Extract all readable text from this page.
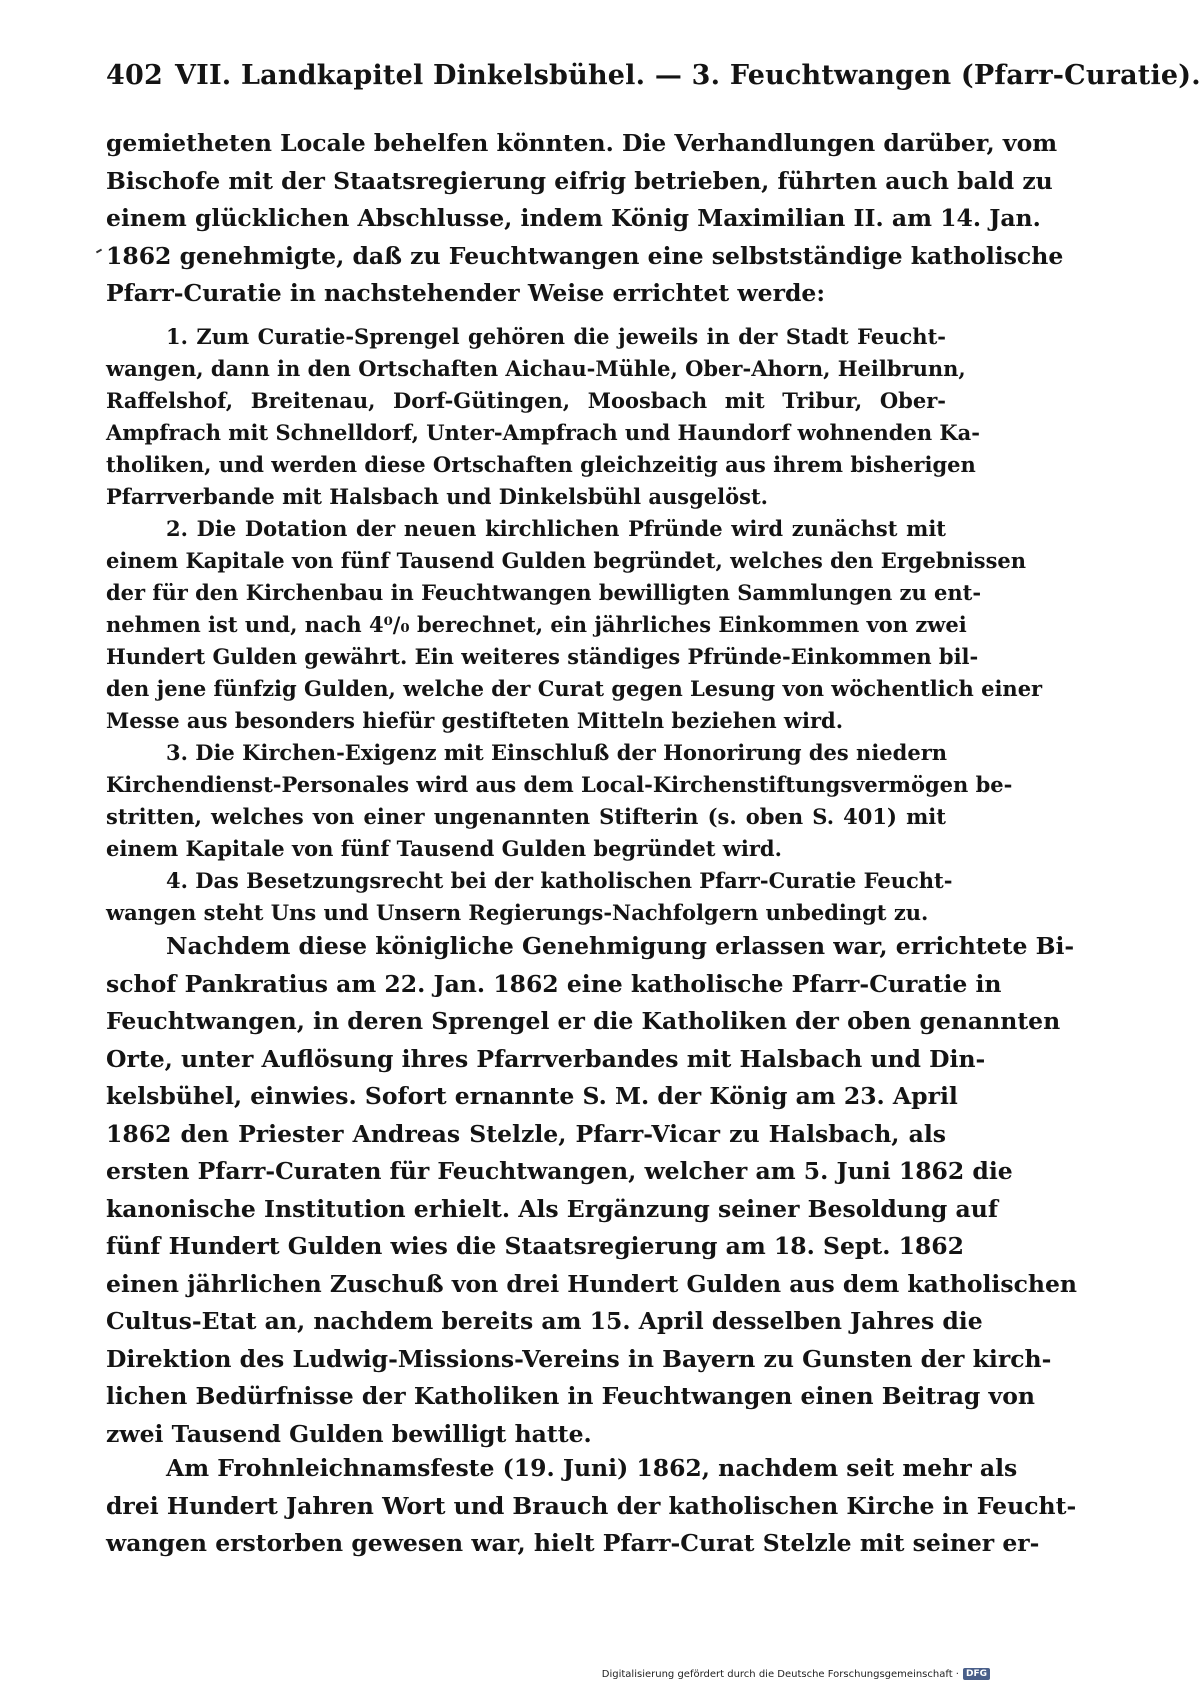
402 VII. Landkapitel Dinkelsbühel. — 3. Feuchtwangen (Pfarr-Curatie).
gemietheten Locale behelfen könnten. Die Verhandlungen darüber, vom
Bischofe mit der Staatsregierung eifrig betrieben, führten auch bald zu
einem glücklichen Abschlusse, indem König Maximilian II. am 14. Jan.
1862 genehmigte, daß zu Feuchtwangen eine selbstständige katholische
Pfarr-Curatie in nachstehender Weise errichtet werde:
1. Zum Curatie-Sprengel gehören die jeweils in der Stadt Feucht-
wangen, dann in den Ortschaften Aichau-Mühle, Ober-Ahorn, Heilbrunn,
Raffelshof, Breitenau, Dorf-Gütingen, Moosbach mit Tribur, Ober-
Ampfrach mit Schnelldorf, Unter-Ampfrach und Haundorf wohnenden Ka-
tholiken, und werden diese Ortschaften gleichzeitig aus ihrem bisherigen
Pfarrverbande mit Halsbach und Dinkelsbühl ausgelöst.
2. Die Dotation der neuen kirchlichen Pfründe wird zunächst mit
einem Kapitale von fünf Tausend Gulden begründet, welches den Ergebnissen
der für den Kirchenbau in Feuchtwangen bewilligten Sammlungen zu ent-
nehmen ist und, nach 4⁰/₀ berechnet, ein jährliches Einkommen von zwei
Hundert Gulden gewährt. Ein weiteres ständiges Pfründe-Einkommen bil-
den jene fünfzig Gulden, welche der Curat gegen Lesung von wöchentlich einer
Messe aus besonders hiefür gestifteten Mitteln beziehen wird.
3. Die Kirchen-Exigenz mit Einschluß der Honorirung des niedern
Kirchendienst-Personales wird aus dem Local-Kirchenstiftungsvermögen be-
stritten, welches von einer ungenannten Stifterin (s. oben S. 401) mit
einem Kapitale von fünf Tausend Gulden begründet wird.
4. Das Besetzungsrecht bei der katholischen Pfarr-Curatie Feucht-
wangen steht Uns und Unsern Regierungs-Nachfolgern unbedingt zu.
Nachdem diese königliche Genehmigung erlassen war, errichtete Bi-
schof Pankratius am 22. Jan. 1862 eine katholische Pfarr-Curatie in
Feuchtwangen, in deren Sprengel er die Katholiken der oben genannten
Orte, unter Auflösung ihres Pfarrverbandes mit Halsbach und Din-
kelsbühel, einwies. Sofort ernannte S. M. der König am 23. April
1862 den Priester Andreas Stelzle, Pfarr-Vicar zu Halsbach, als
ersten Pfarr-Curaten für Feuchtwangen, welcher am 5. Juni 1862 die
kanonische Institution erhielt. Als Ergänzung seiner Besoldung auf
fünf Hundert Gulden wies die Staatsregierung am 18. Sept. 1862
einen jährlichen Zuschuß von drei Hundert Gulden aus dem katholischen
Cultus-Etat an, nachdem bereits am 15. April desselben Jahres die
Direktion des Ludwig-Missions-Vereins in Bayern zu Gunsten der kirch-
lichen Bedürfnisse der Katholiken in Feuchtwangen einen Beitrag von
zwei Tausend Gulden bewilligt hatte.
Am Frohnleichnamsfeste (19. Juni) 1862, nachdem seit mehr als
drei Hundert Jahren Wort und Brauch der katholischen Kirche in Feucht-
wangen erstorben gewesen war, hielt Pfarr-Curat Stelzle mit seiner er-
Digitalisierung gefördert durch die Deutsche Forschungsgemeinschaft · DFG
